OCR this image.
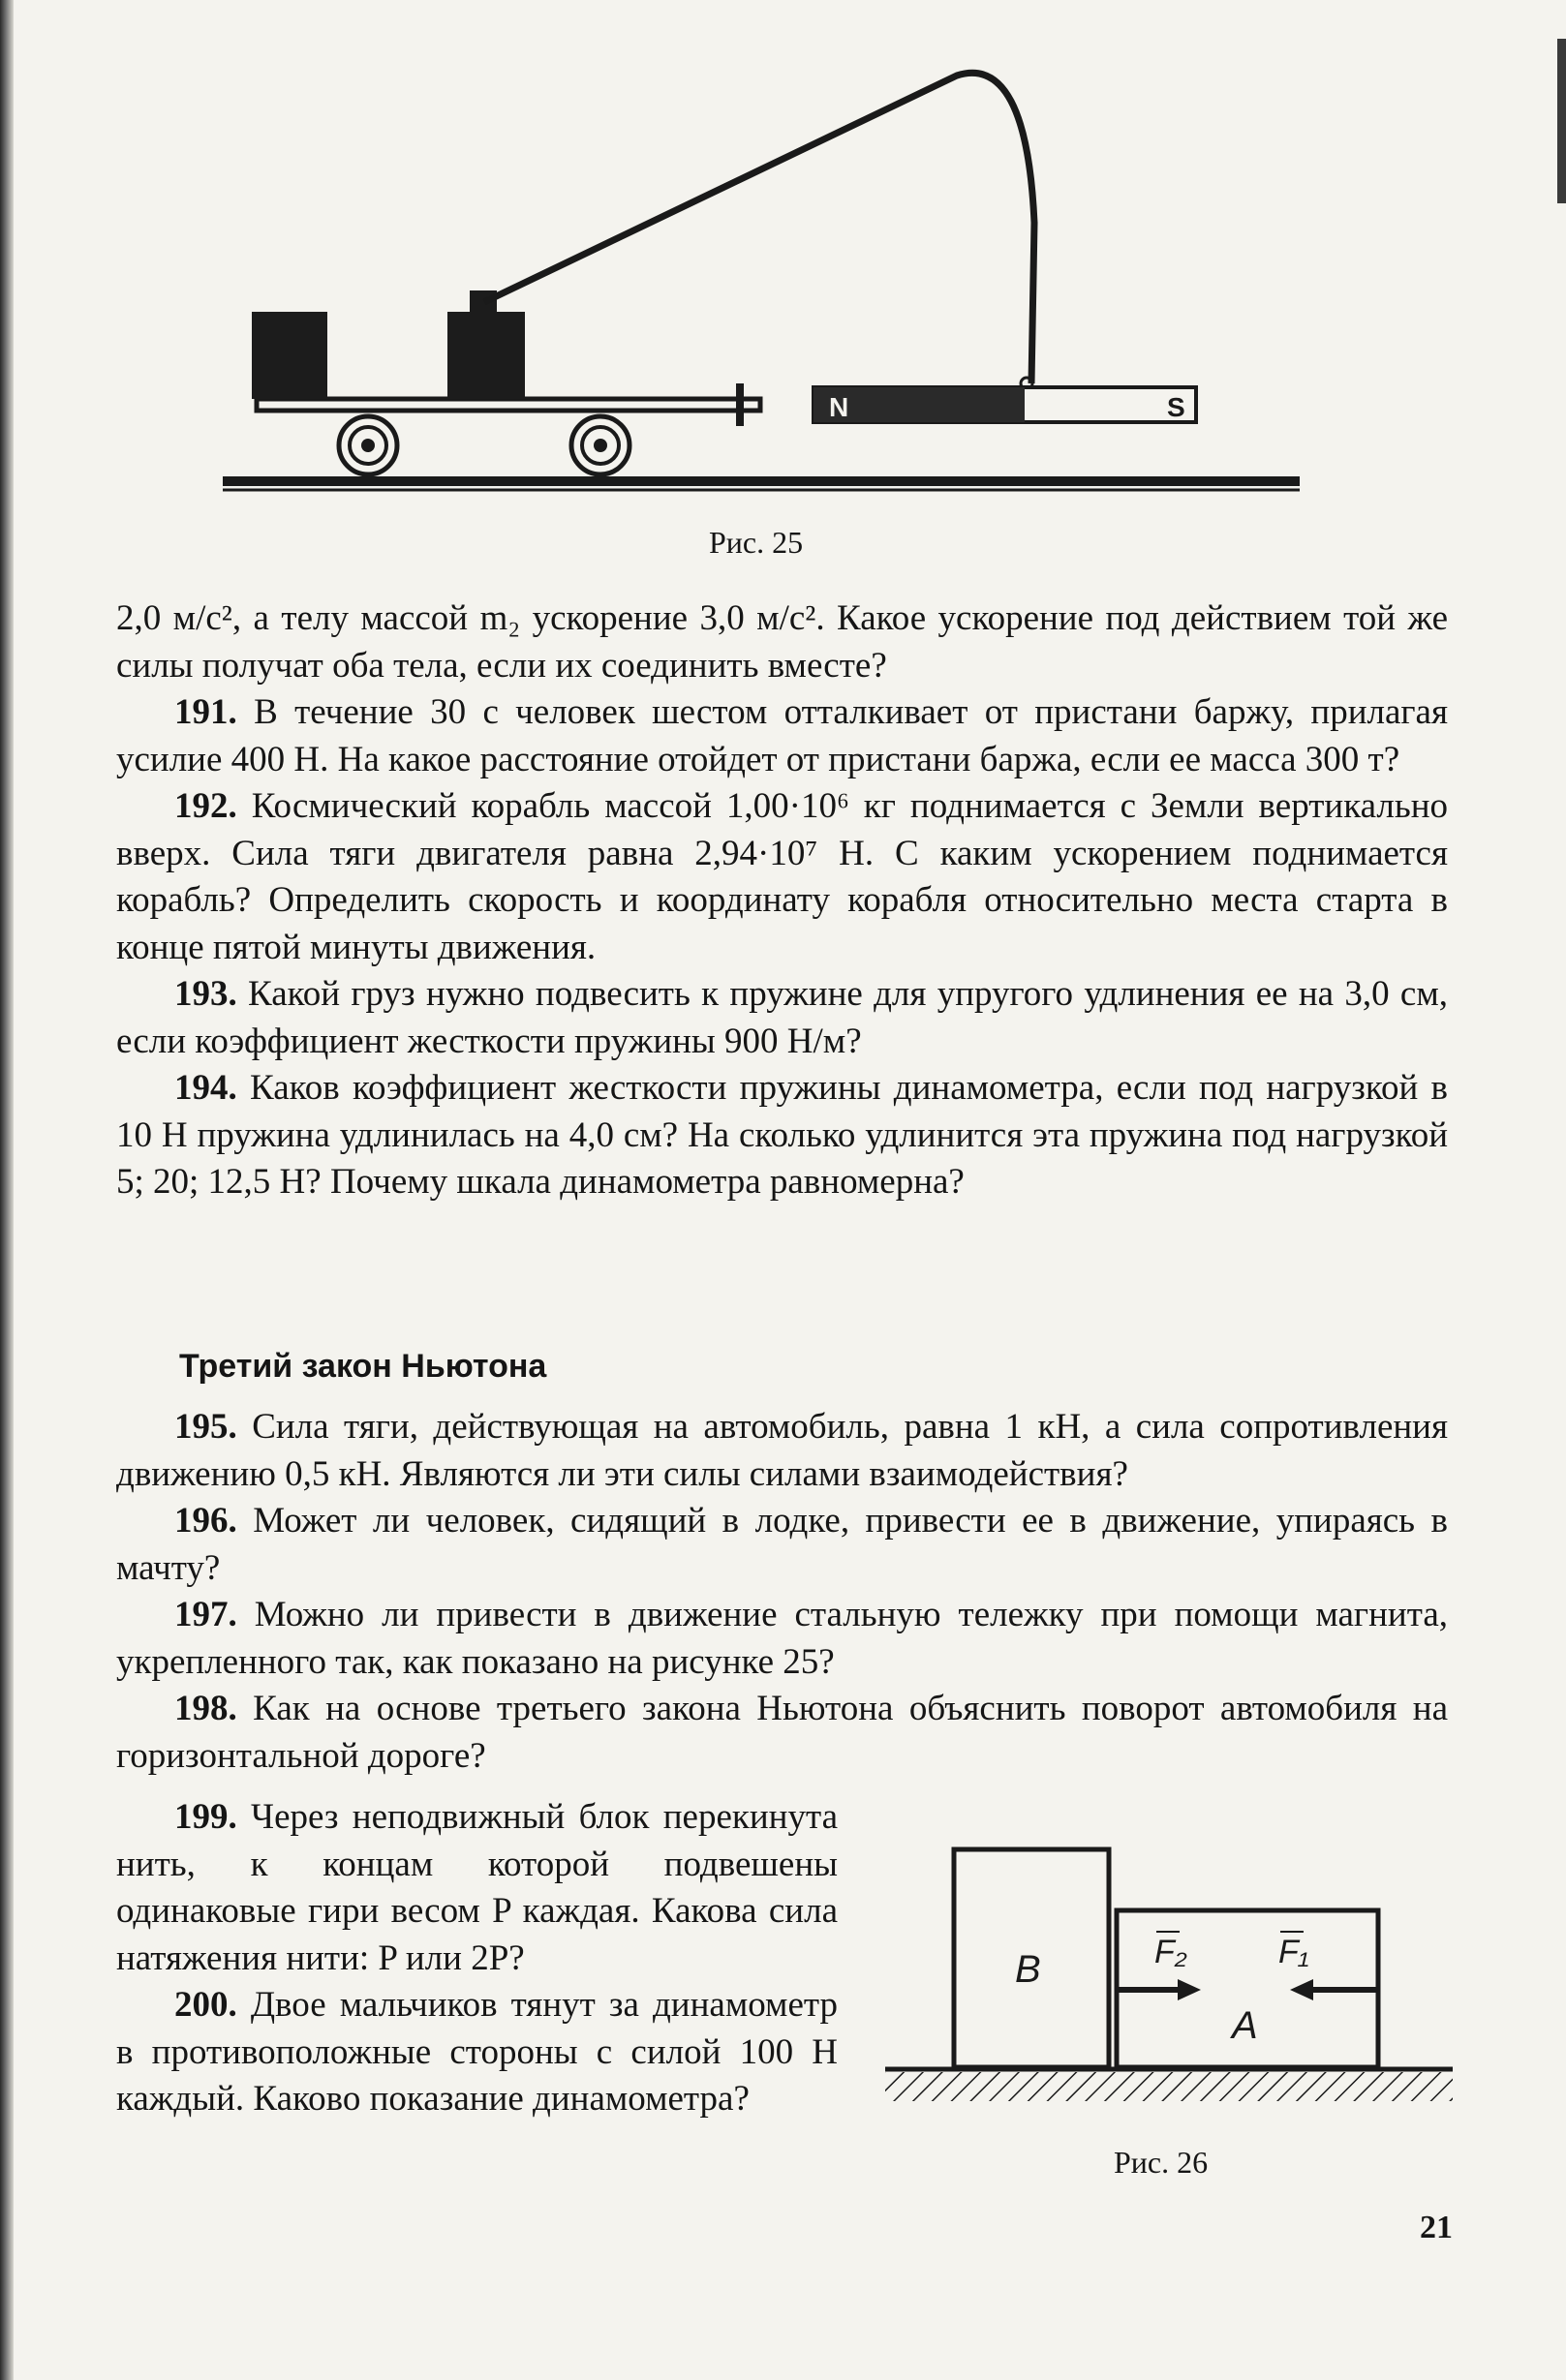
N	S
Рис. 25

2,0 м/с², а телу массой m₂ ускорение 3,0 м/с². Какое ускорение под действием той же силы получат оба тела, если их соединить вместе?

191. В течение 30 с человек шестом отталкивает от пристани баржу, прилагая усилие 400 Н. На какое расстояние отойдет от пристани баржа, если ее масса 300 т?

192. Космический корабль массой 1,00·10⁶ кг поднимается с Земли вертикально вверх. Сила тяги двигателя равна 2,94·10⁷ Н. С каким ускорением поднимается корабль? Определить скорость и координату корабля относительно места старта в конце пятой минуты движения.

193. Какой груз нужно подвесить к пружине для упругого удлинения ее на 3,0 см, если коэффициент жесткости пружины 900 Н/м?

194. Каков коэффициент жесткости пружины динамометра, если под нагрузкой в 10 Н пружина удлинилась на 4,0 см? На сколько удлинится эта пружина под нагрузкой 5; 20; 12,5 Н? Почему шкала динамометра равномерна?

Третий закон Ньютона

195. Сила тяги, действующая на автомобиль, равна 1 кН, а сила сопротивления движению 0,5 кН. Являются ли эти силы силами взаимодействия?

196. Может ли человек, сидящий в лодке, привести ее в движение, упираясь в мачту?

197. Можно ли привести в движение стальную тележку при помощи магнита, укрепленного так, как показано на рисунке 25?

198. Как на основе третьего закона Ньютона объяснить поворот автомобиля на горизонтальной дороге?

199. Через неподвижный блок перекинута нить, к концам которой подвешены одинаковые гири весом P каждая. Какова сила натяжения нити: P или 2P?

200. Двое мальчиков тянут за динамометр в противоположные стороны с силой 100 Н каждый. Каково показание динамометра?

B
A
F₂	F₁
Рис. 26
21
